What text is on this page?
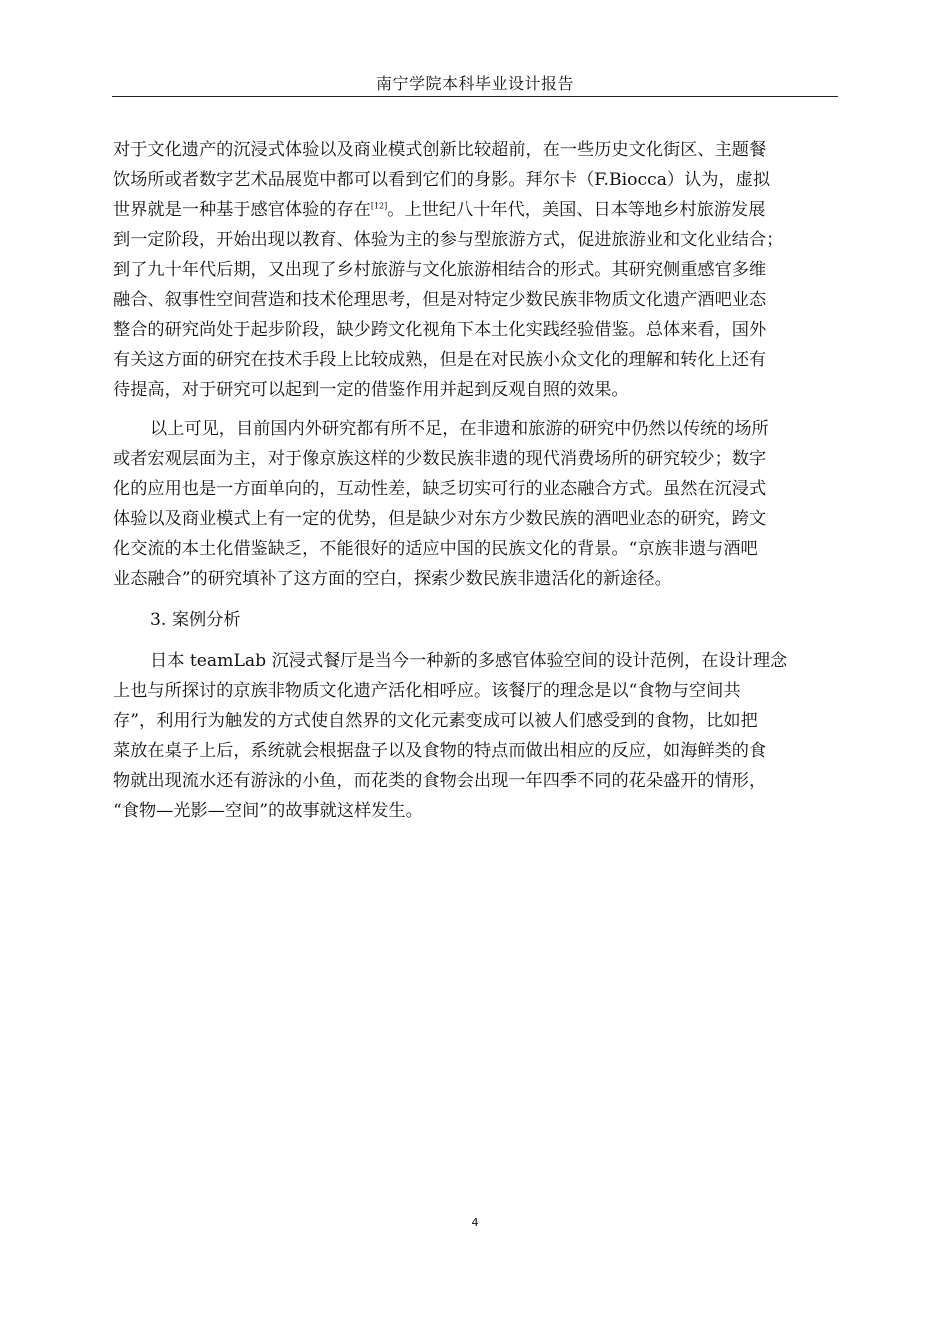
南宁学院本科毕业设计报告
对于文化遗产的沉浸式体验以及商业模式创新比较超前，在一些历史文化街区、主题餐
饮场所或者数字艺术品展览中都可以看到它们的身影。拜尔卡（F.Biocca）认为，虚拟
世界就是一种基于感官体验的存在[12]。上世纪八十年代，美国、日本等地乡村旅游发展
到一定阶段，开始出现以教育、体验为主的参与型旅游方式，促进旅游业和文化业结合；
到了九十年代后期，又出现了乡村旅游与文化旅游相结合的形式。其研究侧重感官多维
融合、叙事性空间营造和技术伦理思考，但是对特定少数民族非物质文化遗产酒吧业态
整合的研究尚处于起步阶段，缺少跨文化视角下本土化实践经验借鉴。总体来看，国外
有关这方面的研究在技术手段上比较成熟，但是在对民族小众文化的理解和转化上还有
待提高，对于研究可以起到一定的借鉴作用并起到反观自照的效果。
以上可见，目前国内外研究都有所不足，在非遗和旅游的研究中仍然以传统的场所
或者宏观层面为主，对于像京族这样的少数民族非遗的现代消费场所的研究较少；数字
化的应用也是一方面单向的，互动性差，缺乏切实可行的业态融合方式。虽然在沉浸式
体验以及商业模式上有一定的优势，但是缺少对东方少数民族的酒吧业态的研究，跨文
化交流的本土化借鉴缺乏，不能很好的适应中国的民族文化的背景。“京族非遗与酒吧
业态融合”的研究填补了这方面的空白，探索少数民族非遗活化的新途径。
3. 案例分析
日本 teamLab 沉浸式餐厅是当今一种新的多感官体验空间的设计范例，在设计理念
上也与所探讨的京族非物质文化遗产活化相呼应。该餐厅的理念是以“食物与空间共
存”，利用行为触发的方式使自然界的文化元素变成可以被人们感受到的食物，比如把
菜放在桌子上后，系统就会根据盘子以及食物的特点而做出相应的反应，如海鲜类的食
物就出现流水还有游泳的小鱼，而花类的食物会出现一年四季不同的花朵盛开的情形，
“食物—光影—空间”的故事就这样发生。
4
